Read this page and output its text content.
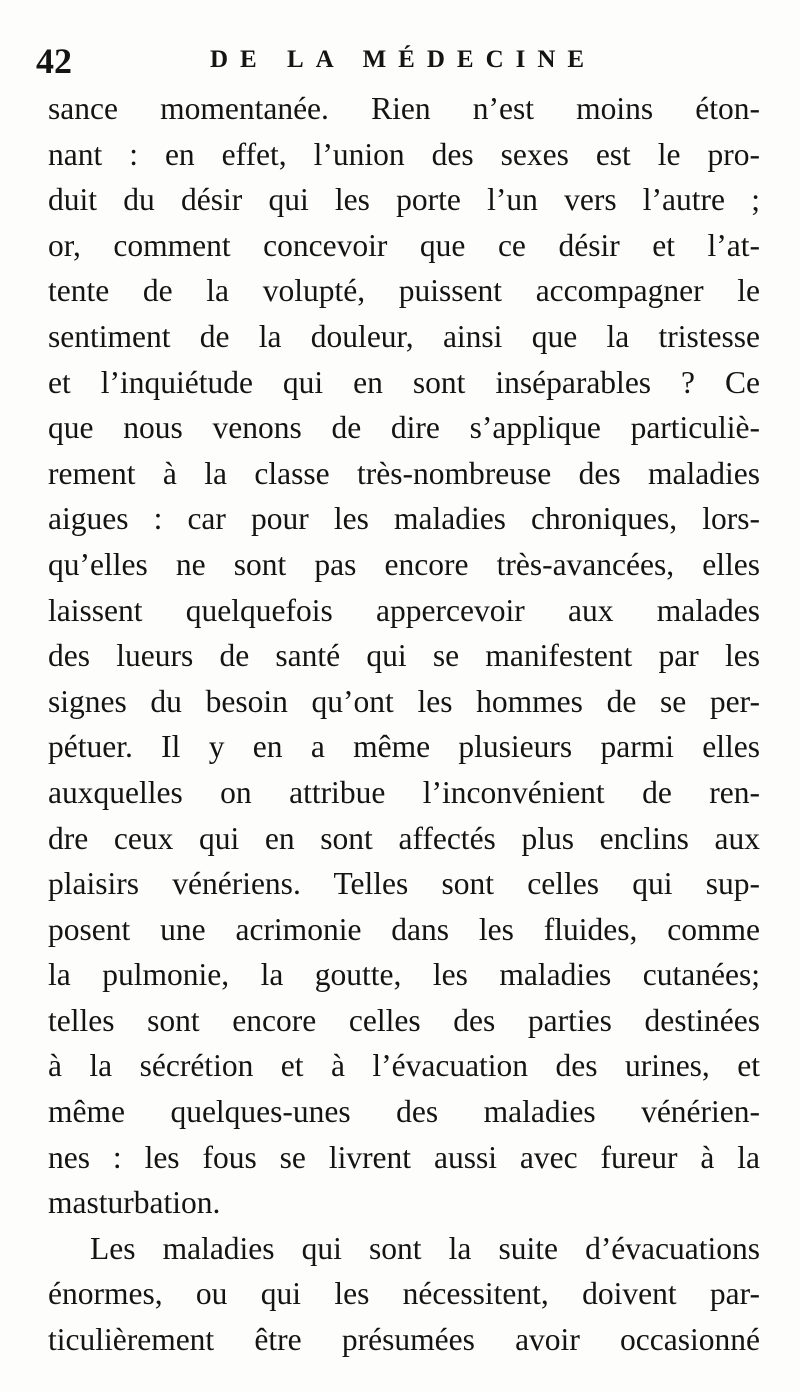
42	DE LA MÉDECINE
sance momentanée. Rien n’est moins éton-
nant : en effet, l’union des sexes est le pro-
duit du désir qui les porte l’un vers l’autre ;
or, comment concevoir que ce désir et l’at-
tente de la volupté, puissent accompagner le
sentiment de la douleur, ainsi que la tristesse
et l’inquiétude qui en sont inséparables ? Ce
que nous venons de dire s’applique particuliè-
rement à la classe très-nombreuse des maladies
aigues : car pour les maladies chroniques, lors-
qu’elles ne sont pas encore très-avancées, elles
laissent quelquefois appercevoir aux malades
des lueurs de santé qui se manifestent par les
signes du besoin qu’ont les hommes de se per-
pétuer. Il y en a même plusieurs parmi elles
auxquelles on attribue l’inconvénient de ren-
dre ceux qui en sont affectés plus enclins aux
plaisirs vénériens. Telles sont celles qui sup-
posent une acrimonie dans les fluides, comme
la pulmonie, la goutte, les maladies cutanées;
telles sont encore celles des parties destinées
à la sécrétion et à l’évacuation des urines, et
même quelques-unes des maladies vénérien-
nes : les fous se livrent aussi avec fureur à la
masturbation.
Les maladies qui sont la suite d’évacuations
énormes, ou qui les nécessitent, doivent par-
ticulièrement être présumées avoir occasionné
